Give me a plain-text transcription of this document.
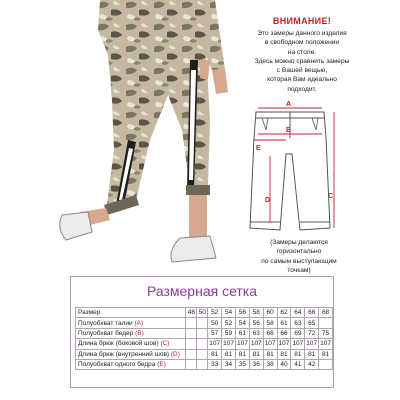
ВНИМАНИЕ!
Это замеры данного изделия
в свободном положении
на столе.
Здесь можно сравнить замеры
с Вашей вещью,
которая Вам идеально
подходит.
A
B
C
D
E
(Замеры делаются
горизонтально
по самым выступающим
точкам)
Размерная сетка
Размер	48	50	52	54	56	58	60	62	64	66	68
Полуобхват талии (A)			50	52	54	56	58	61	63	65	
Полуобхват бедер (B)			57	59	61	63	66	66	69	72	75
Длина брюк (боковой шов) (C)			107	107	107	107	107	107	107	107	107
Длина брюк (внутренний шов) (D)			81	81	81	81	81	81	81	81	81
Полуобхват одного бедра (E)			33	34	35	36	38	40	41	42	
